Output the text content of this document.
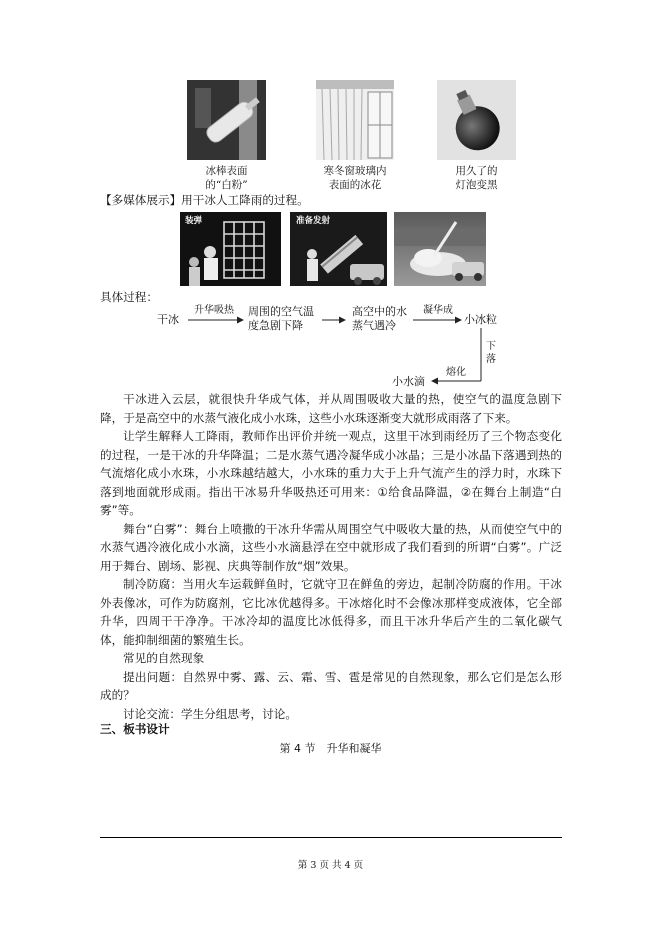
冰棒表面
的“白粉”
寒冬窗玻璃内
表面的冰花
用久了的
灯泡变黑
【多媒体展示】用干冰人工降雨的过程。
装弹	准备发射
具体过程：
干冰
升华吸热 周围的空气温
度急剧下降
高空中的水
蒸气遇冷
凝华成
小冰粒
下
落
熔化
小水滴

干冰进入云层，就很快升华成气体，并从周围吸收大量的热，使空气的温度急剧下降，于是高空中的水蒸气液化成小水珠，这些小水珠逐渐变大就形成雨落了下来。

让学生解释人工降雨，教师作出评价并统一观点，这里干冰到雨经历了三个物态变化的过程，一是干冰的升华降温；二是水蒸气遇冷凝华成小冰晶；三是小冰晶下落遇到热的气流熔化成小水珠，小水珠越结越大，小水珠的重力大于上升气流产生的浮力时，水珠下落到地面就形成雨。指出干冰易升华吸热还可用来：①给食品降温，②在舞台上制造“白雾”等。

舞台“白雾”：舞台上喷撒的干冰升华需从周围空气中吸收大量的热，从而使空气中的水蒸气遇冷液化成小水滴，这些小水滴悬浮在空中就形成了我们看到的所谓“白雾”。广泛用于舞台、剧场、影视、庆典等制作放“烟”效果。

制冷防腐：当用火车运载鲜鱼时，它就守卫在鲜鱼的旁边，起制冷防腐的作用。干冰外表像冰，可作为防腐剂，它比冰优越得多。干冰熔化时不会像冰那样变成液体，它全部升华，四周干干净净。干冰冷却的温度比冰低得多，而且干冰升华后产生的二氧化碳气体，能抑制细菌的繁殖生长。

常见的自然现象

提出问题：自然界中雾、露、云、霜、雪、雹是常见的自然现象，那么它们是怎么形成的？

讨论交流：学生分组思考，讨论。

三、板书设计
第 4 节　升华和凝华
第 3 页 共 4 页
